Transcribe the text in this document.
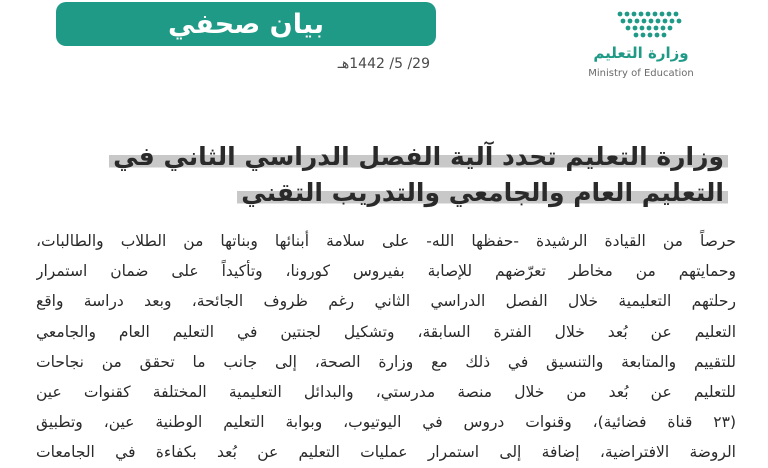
بيان صحفي
29/ 5/ 1442هـ
وزارة التعليم
Ministry of Education
وزارة التعليم تحدد آلية الفصل الدراسي الثاني في
التعليم العام والجامعي والتدريب التقني
حرصاً من القيادة الرشيدة -حفظها الله- على سلامة أبنائها وبناتها من الطلاب والطالبات،
وحمايتهم من مخاطر تعرّضهم للإصابة بفيروس كورونا، وتأكيداً على ضمان استمرار
رحلتهم التعليمية خلال الفصل الدراسي الثاني رغم ظروف الجائحة، وبعد دراسة واقع
التعليم عن بُعد خلال الفترة السابقة، وتشكيل لجنتين في التعليم العام والجامعي
للتقييم والمتابعة والتنسيق في ذلك مع وزارة الصحة، إلى جانب ما تحقق من نجاحات
للتعليم عن بُعد من خلال منصة مدرستي، والبدائل التعليمية المختلفة كقنوات عين
(٢٣ قناة فضائية)، وقنوات دروس في اليوتيوب، وبوابة التعليم الوطنية عين، وتطبيق
الروضة الافتراضية، إضافة إلى استمرار عمليات التعليم عن بُعد بكفاءة في الجامعات
